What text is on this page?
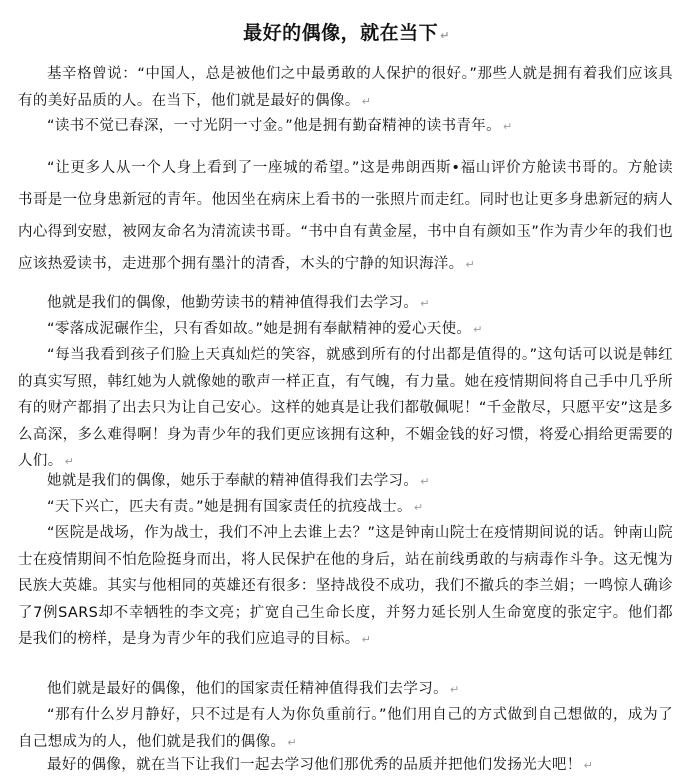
最好的偶像，就在当下 ↵
基辛格曾说：“中国人，总是被他们之中最勇敢的人保护的很好。”那些人就是拥有着我们应该具有的美好品质的人。在当下，他们就是最好的偶像。 ↵
“读书不觉已春深，一寸光阴一寸金。”他是拥有勤奋精神的读书青年。 ↵
“让更多人从一个人身上看到了一座城的希望。”这是弗朗西斯•福山评价方舱读书哥的。方舱读书哥是一位身患新冠的青年。他因坐在病床上看书的一张照片而走红。同时也让更多身患新冠的病人内心得到安慰，被网友命名为清流读书哥。“书中自有黄金屋，书中自有颜如玉”作为青少年的我们也应该热爱读书，走进那个拥有墨汁的清香，木头的宁静的知识海洋。 ↵
他就是我们的偶像，他勤劳读书的精神值得我们去学习。 ↵
“零落成泥碾作尘，只有香如故。”她是拥有奉献精神的爱心天使。 ↵
“每当我看到孩子们脸上天真灿烂的笑容，就感到所有的付出都是值得的。”这句话可以说是韩红的真实写照，韩红她为人就像她的歌声一样正直，有气魄，有力量。她在疫情期间将自己手中几乎所有的财产都捐了出去只为让自己安心。这样的她真是让我们都敬佩呢！“千金散尽，只愿平安”这是多么高深，多么难得啊！身为青少年的我们更应该拥有这种，不媚金钱的好习惯，将爱心捐给更需要的人们。 ↵
她就是我们的偶像，她乐于奉献的精神值得我们去学习。 ↵
“天下兴亡，匹夫有责。”她是拥有国家责任的抗疫战士。 ↵
“医院是战场，作为战士，我们不冲上去谁上去？”这是钟南山院士在疫情期间说的话。钟南山院士在疫情期间不怕危险挺身而出，将人民保护在他的身后，站在前线勇敢的与病毒作斗争。这无愧为民族大英雄。其实与他相同的英雄还有很多：坚持战役不成功，我们不撤兵的李兰娟；一鸣惊人确诊了7例SARS却不幸牺牲的李文亮；扩宽自己生命长度，并努力延长别人生命宽度的张定宇。他们都是我们的榜样，是身为青少年的我们应追寻的目标。 ↵
他们就是最好的偶像，他们的国家责任精神值得我们去学习。 ↵
“那有什么岁月静好，只不过是有人为你负重前行。”他们用自己的方式做到自己想做的，成为了自己想成为的人，他们就是我们的偶像。 ↵
最好的偶像，就在当下让我们一起去学习他们那优秀的品质并把他们发扬光大吧！ ↵
